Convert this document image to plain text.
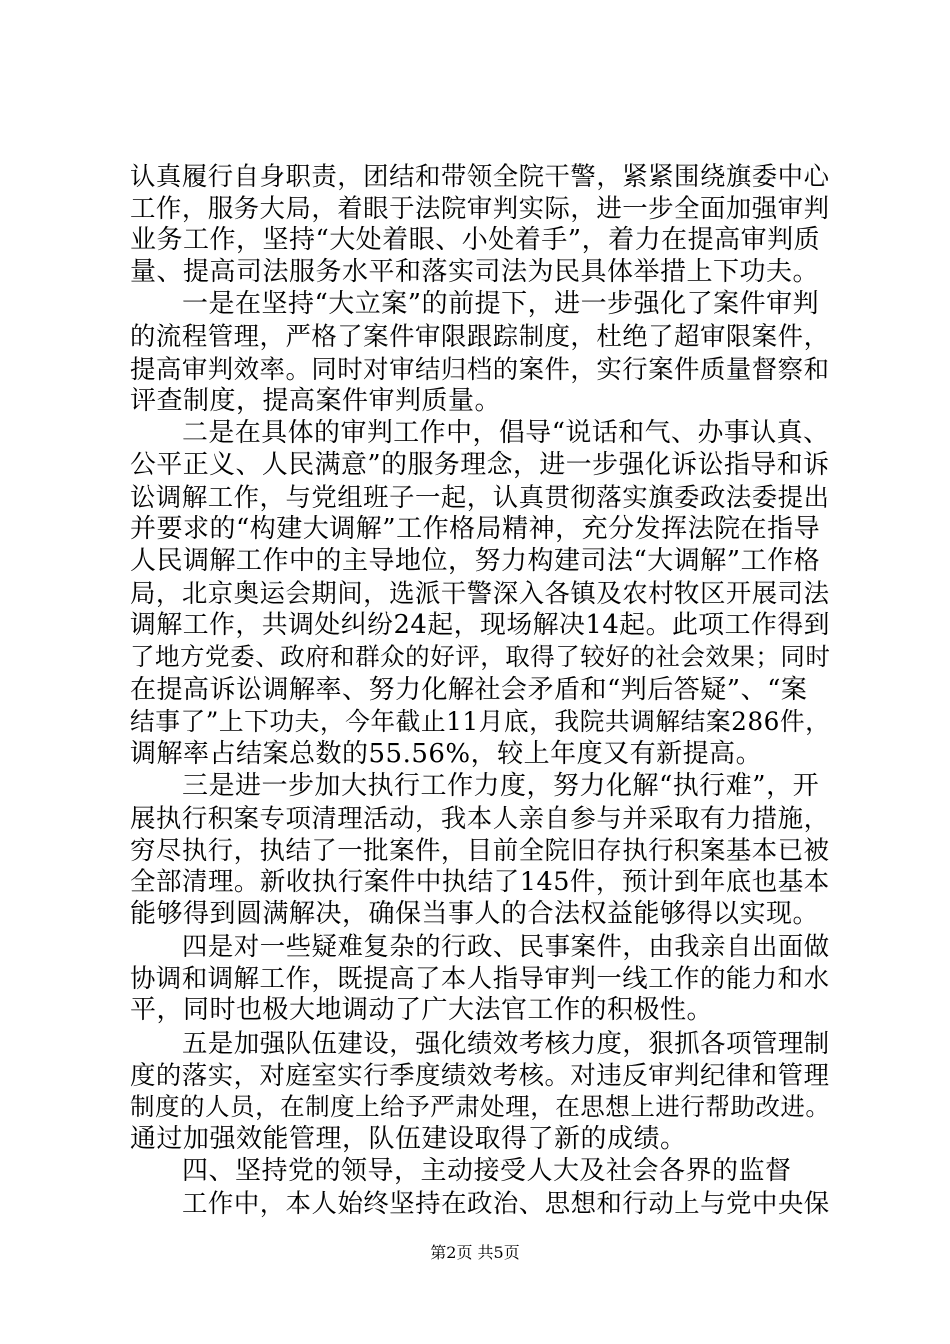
认真履行自身职责，团结和带领全院干警，紧紧围绕旗委中心
工作，服务大局，着眼于法院审判实际，进一步全面加强审判
业务工作，坚持“大处着眼、小处着手”，着力在提高审判质
量、提高司法服务水平和落实司法为民具体举措上下功夫。
一是在坚持“大立案”的前提下，进一步强化了案件审判
的流程管理，严格了案件审限跟踪制度，杜绝了超审限案件，
提高审判效率。同时对审结归档的案件，实行案件质量督察和
评查制度，提高案件审判质量。
二是在具体的审判工作中，倡导“说话和气、办事认真、
公平正义、人民满意”的服务理念，进一步强化诉讼指导和诉
讼调解工作，与党组班子一起，认真贯彻落实旗委政法委提出
并要求的“构建大调解”工作格局精神，充分发挥法院在指导
人民调解工作中的主导地位，努力构建司法“大调解”工作格
局，北京奥运会期间，选派干警深入各镇及农村牧区开展司法
调解工作，共调处纠纷24起，现场解决14起。此项工作得到
了地方党委、政府和群众的好评，取得了较好的社会效果；同时
在提高诉讼调解率、努力化解社会矛盾和“判后答疑”、“案
结事了”上下功夫，今年截止11月底，我院共调解结案286件，
调解率占结案总数的55.56%，较上年度又有新提高。
三是进一步加大执行工作力度，努力化解“执行难”，开
展执行积案专项清理活动，我本人亲自参与并采取有力措施，
穷尽执行，执结了一批案件，目前全院旧存执行积案基本已被
全部清理。新收执行案件中执结了145件，预计到年底也基本
能够得到圆满解决，确保当事人的合法权益能够得以实现。
四是对一些疑难复杂的行政、民事案件，由我亲自出面做
协调和调解工作，既提高了本人指导审判一线工作的能力和水
平，同时也极大地调动了广大法官工作的积极性。
五是加强队伍建设，强化绩效考核力度，狠抓各项管理制
度的落实，对庭室实行季度绩效考核。对违反审判纪律和管理
制度的人员，在制度上给予严肃处理，在思想上进行帮助改进。
通过加强效能管理，队伍建设取得了新的成绩。
四、坚持党的领导，主动接受人大及社会各界的监督
工作中，本人始终坚持在政治、思想和行动上与党中央保
第2页 共5页
